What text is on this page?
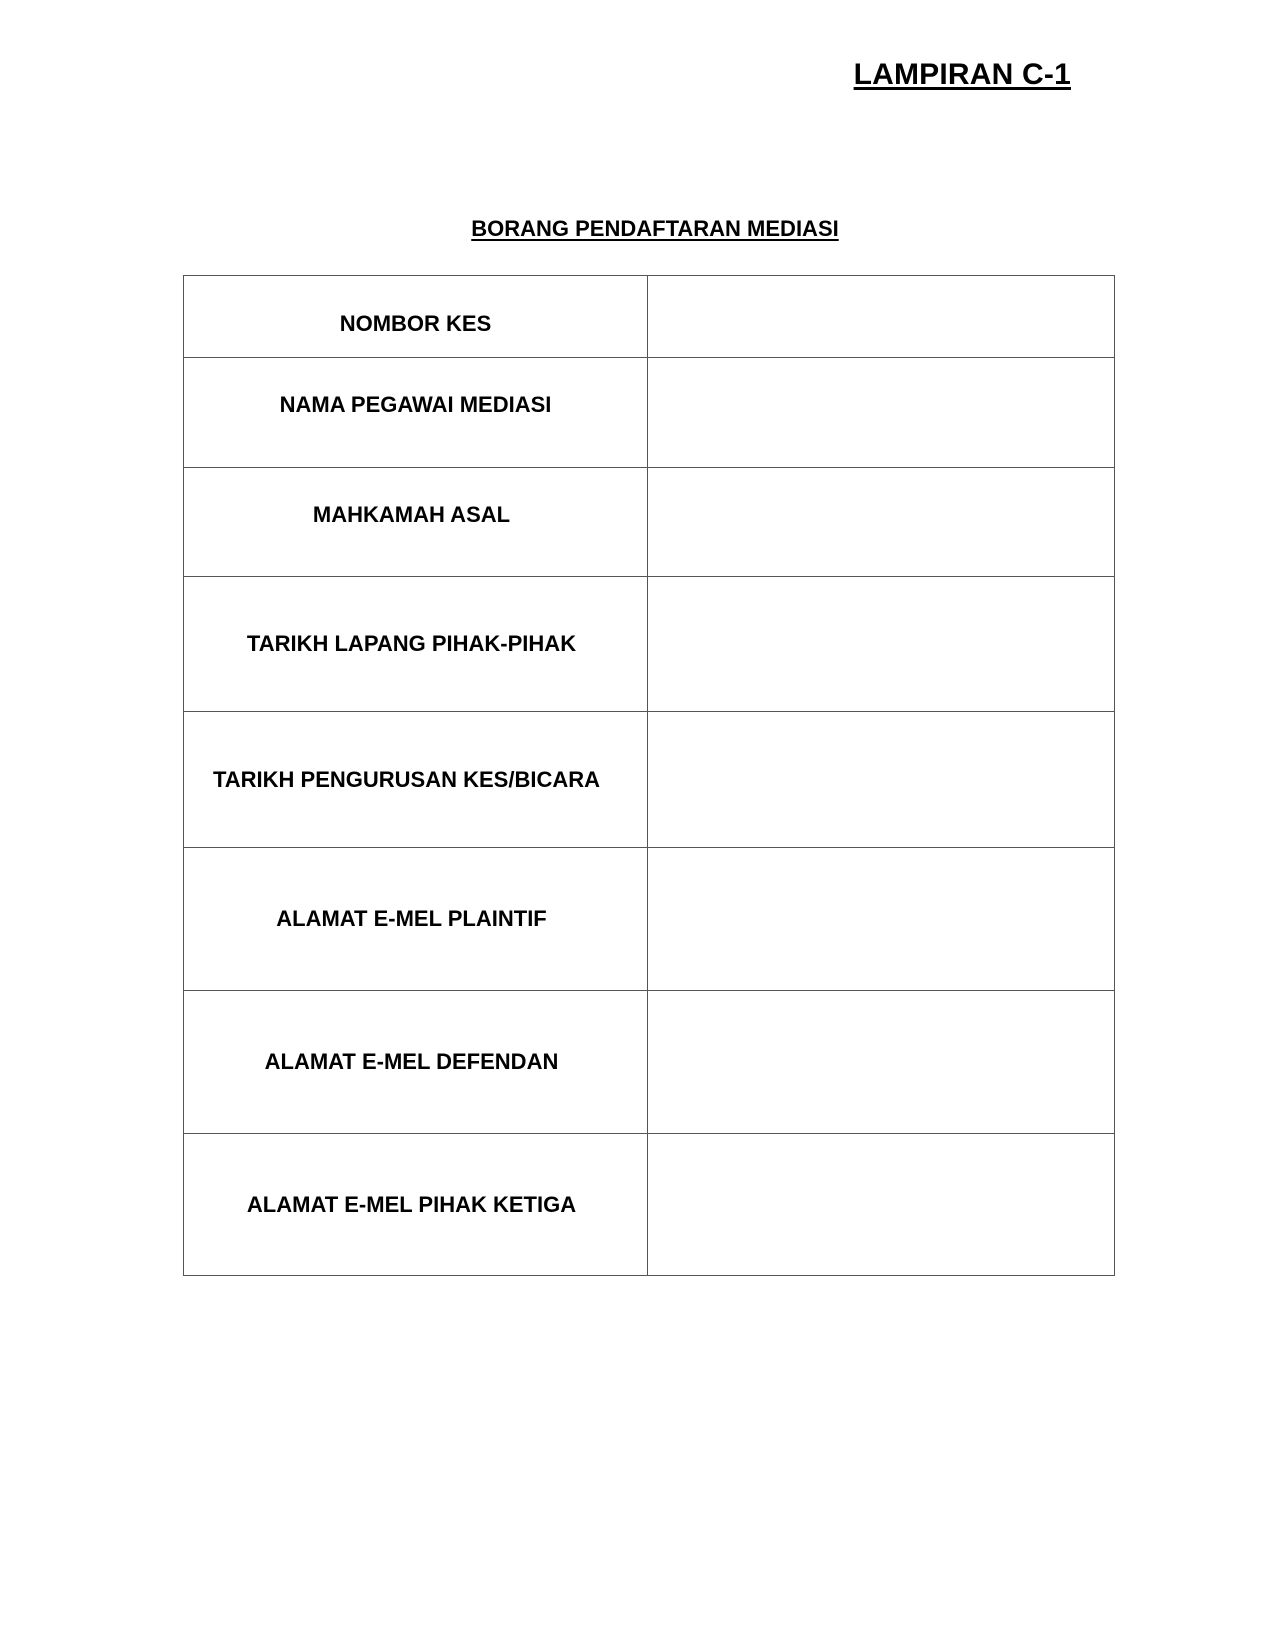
LAMPIRAN C-1
BORANG PENDAFTARAN MEDIASI
NOMBOR KES	
NAMA PEGAWAI MEDIASI	
MAHKAMAH ASAL	
TARIKH LAPANG PIHAK-PIHAK	
TARIKH PENGURUSAN KES/BICARA	
ALAMAT E-MEL PLAINTIF	
ALAMAT E-MEL DEFENDAN	
ALAMAT E-MEL PIHAK KETIGA	
